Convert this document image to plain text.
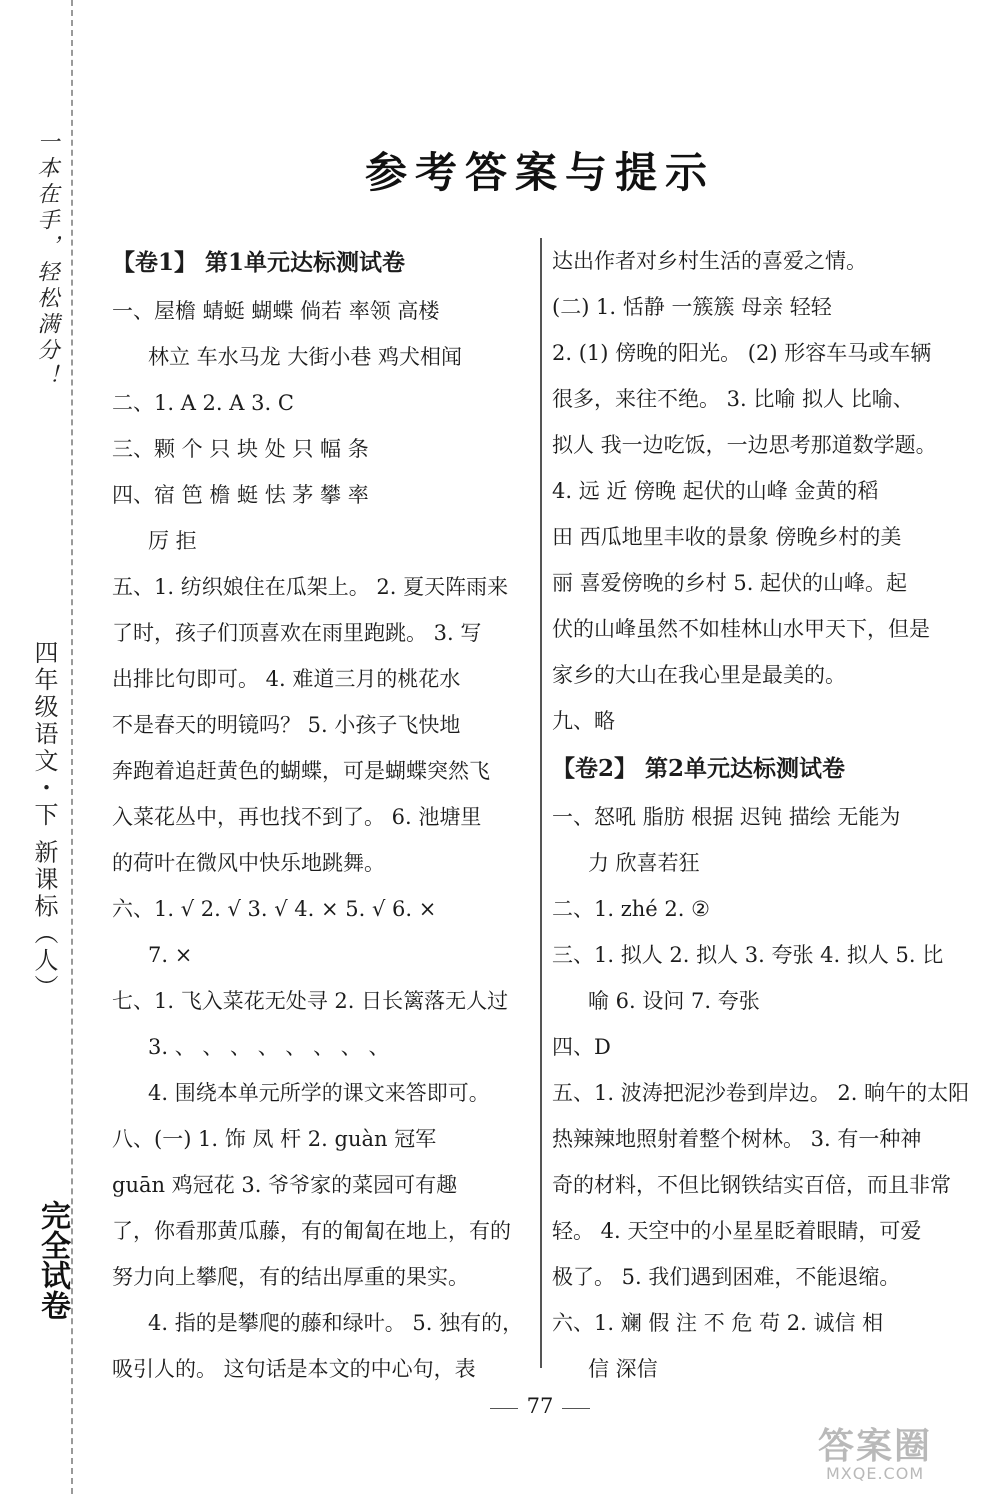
一本在手，轻松满分！
四年级语文・下 新课标（人）
完全试卷
参考答案与提示
【卷1】 第1单元达标测试卷
一、屋檐 蜻蜓 蝴蝶 倘若 率领 高楼
林立 车水马龙 大街小巷 鸡犬相闻
二、1. A 2. A 3. C
三、颗 个 只 块 处 只 幅 条
四、宿 笆 檐 蜓 怯 茅 攀 率
厉 拒
五、1. 纺织娘住在瓜架上。 2. 夏天阵雨来
了时，孩子们顶喜欢在雨里跑跳。 3. 写
出排比句即可。 4. 难道三月的桃花水
不是春天的明镜吗？ 5. 小孩子飞快地
奔跑着追赶黄色的蝴蝶，可是蝴蝶突然飞
入菜花丛中，再也找不到了。 6. 池塘里
的荷叶在微风中快乐地跳舞。
六、1. √ 2. √ 3. √ 4. × 5. √ 6. ×
7. ×
七、1. 飞入菜花无处寻 2. 日长篱落无人过
3. 、 、 、 、 、 、 、 、
4. 围绕本单元所学的课文来答即可。
八、(一) 1. 饰 凤 杆 2. guàn 冠军
guān 鸡冠花 3. 爷爷家的菜园可有趣
了，你看那黄瓜藤，有的匍匐在地上，有的
努力向上攀爬，有的结出厚重的果实。
4. 指的是攀爬的藤和绿叶。 5. 独有的，
吸引人的。 这句话是本文的中心句，表
达出作者对乡村生活的喜爱之情。
(二) 1. 恬静 一簇簇 母亲 轻轻
2. (1) 傍晚的阳光。 (2) 形容车马或车辆
很多，来往不绝。 3. 比喻 拟人 比喻、
拟人 我一边吃饭，一边思考那道数学题。
4. 远 近 傍晚 起伏的山峰 金黄的稻
田 西瓜地里丰收的景象 傍晚乡村的美
丽 喜爱傍晚的乡村 5. 起伏的山峰。起
伏的山峰虽然不如桂林山水甲天下，但是
家乡的大山在我心里是最美的。
九、略
【卷2】 第2单元达标测试卷
一、怒吼 脂肪 根据 迟钝 描绘 无能为
力 欣喜若狂
二、1. zhé 2. ②
三、1. 拟人 2. 拟人 3. 夸张 4. 拟人 5. 比
喻 6. 设问 7. 夸张
四、D
五、1. 波涛把泥沙卷到岸边。 2. 晌午的太阳
热辣辣地照射着整个树林。 3. 有一种神
奇的材料，不但比钢铁结实百倍，而且非常
轻。 4. 天空中的小星星眨着眼睛，可爱
极了。 5. 我们遇到困难，不能退缩。
六、1. 斓 假 注 不 危 苟 2. 诚信 相
信 深信
77
答案圈
MXQE.COM
